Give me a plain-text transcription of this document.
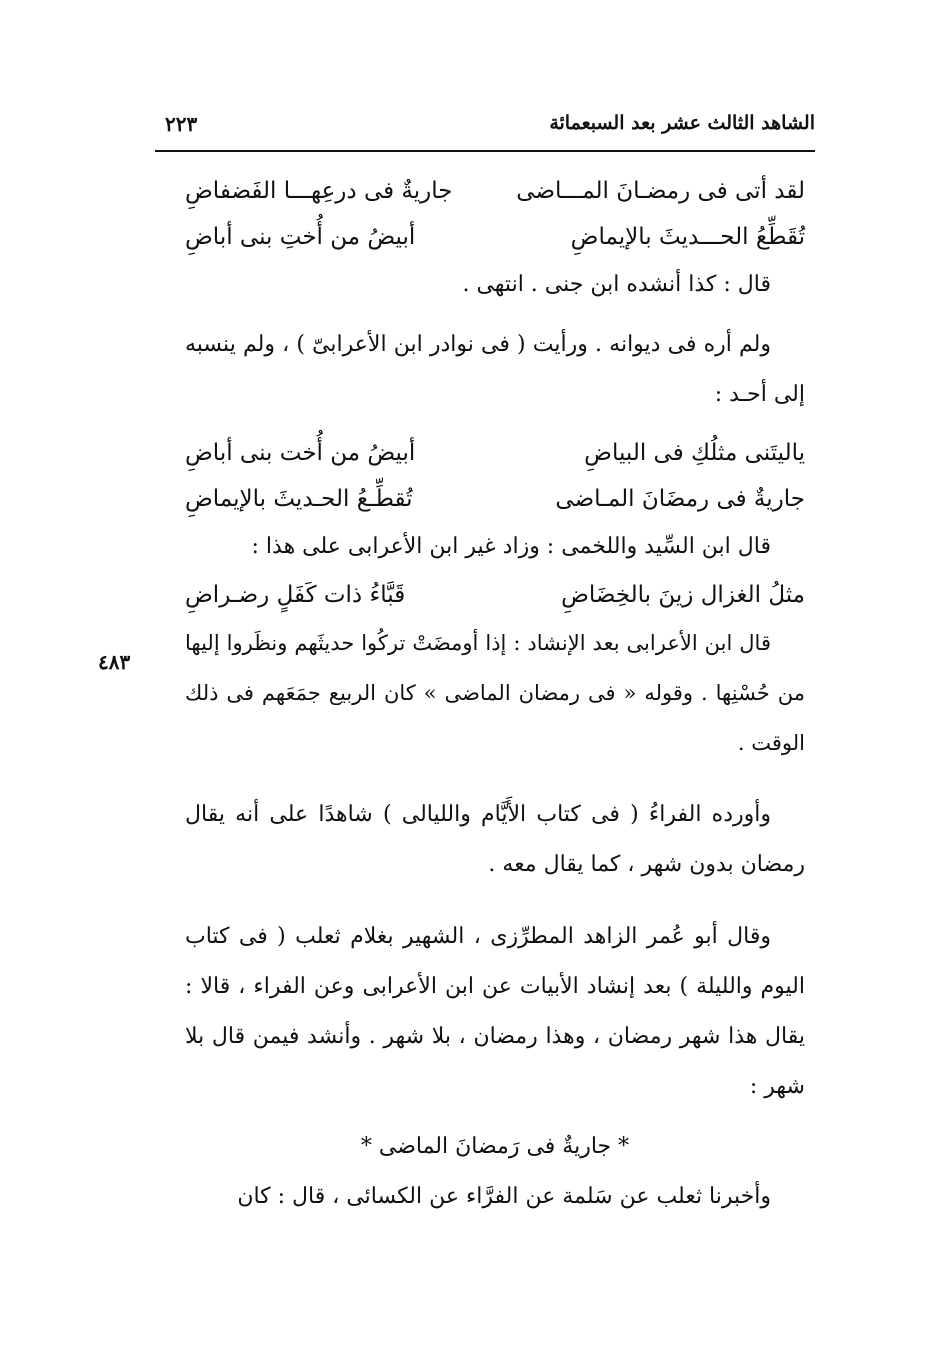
الشاهد الثالث عشر بعد السبعمائة
٢٢٣
٤٨٣
لقد أتى فى رمضـانَ المـــاضى
جاريةٌ فى درعِهـــا الفَضفاضِ
تُقَطِّعُ الحـــديثَ بالإيماضِ
أبيضُ من أُختِ بنى أباضِ

قال : كذا أنشده ابن جنى . انتهى .

ولم أره فى ديوانه . ورأيت ( فى نوادر ابن الأعرابىّ ) ، ولم ينسبه إلى أحـد :

ياليتَنى مثلُكِ فى البياضِ
أبيضُ من أُخت بنى أباضِ
جاريةٌ فى رمضَانَ المـاضى
تُقطِّـعُ الحـديثَ بالإيماضِ

قال ابن السِّيد واللخمى : وزاد غير ابن الأعرابى على هذا :

مثلُ الغزال زينَ بالخِضَاضِ
قَبَّاءُ ذات كَفَلٍ رضـراضِ

قال ابن الأعرابى بعد الإنشاد : إذا أومضَتْ تركُوا حديثَهم ونظَروا إليها من حُسْنِها . وقوله « فى رمضان الماضى » كان الربيع جمَعَهم فى ذلك الوقت .

وأورده الفراءُ ( فى كتاب الأَيَّام والليالى ) شاهدًا على أنه يقال رمضان بدون شهر ، كما يقال معه .

وقال أبو عُمر الزاهد المطرِّزى ، الشهير بغلام ثعلب ( فى كتاب اليوم والليلة ) بعد إنشاد الأبيات عن ابن الأعرابى وعن الفراء ، قالا : يقال هذا شهر رمضان ، وهذا رمضان ، بلا شهر . وأنشد فيمن قال بلا شهر :

* جاريةٌ فى رَمضانَ الماضى *

وأخبرنا ثعلب عن سَلمة عن الفرَّاء عن الكسائى ، قال : كان
